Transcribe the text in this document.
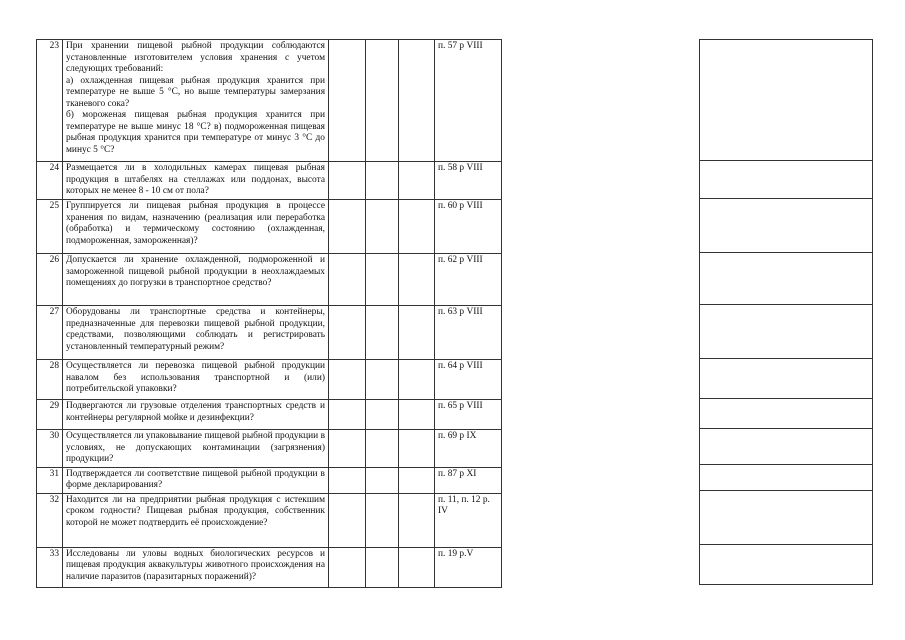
23	При хранении пищевой рыбной продукции соблюдаются установленные изготовителем условия хранения с учетом следующих требований:
а) охлажденная пищевая рыбная продукция хранится при температуре не выше 5 °С, но выше температуры замерзания тканевого сока?
б) мороженая пищевая рыбная продукция хранится при температуре не выше минус 18 °С? в) подмороженная пищевая рыбная продукция хранится при температуре от минус 3 °С до минус 5 °С?				п. 57 р VIII
24	Размещается ли в холодильных камерах пищевая рыбная продукция в штабелях на стеллажах или поддонах, высота которых не менее 8 - 10 см от пола?				п. 58 р VIII
25	Группируется ли пищевая рыбная продукция в процессе хранения по видам, назначению (реализация или переработка (обработка) и термическому состоянию (охлажденная, подмороженная, замороженная)?				п. 60 р VIII
26	Допускается ли хранение охлажденной, подмороженной и замороженной пищевой рыбной продукции в неохлаждаемых помещениях до погрузки в транспортное средство?				п. 62 р VIII
27	Оборудованы ли транспортные средства и контейнеры, предназначенные для перевозки пищевой рыбной продукции, средствами, позволяющими соблюдать и регистрировать установленный температурный режим?				п. 63 р VIII
28	Осуществляется ли перевозка пищевой рыбной продукции навалом без использования транспортной и (или) потребительской упаковки?				п. 64 р VIII
29	Подвергаются ли грузовые отделения транспортных средств и контейнеры регулярной мойке и дезинфекции?				п. 65 р VIII
30	Осуществляется ли упаковывание пищевой рыбной продукции в условиях, не допускающих контаминации (загрязнения) продукции?				п. 69 р IX
31	Подтверждается ли соответствие пищевой рыбной продукции в форме декларирования?				п. 87 р XI
32	Находится ли на предприятии рыбная продукция с истекшим сроком годности? Пищевая рыбная продукция, собственник которой не может подтвердить её происхождение?				п. 11, п. 12 р. IV
33	Исследованы ли уловы водных биологических ресурсов и пищевая продукция аквакультуры животного происхождения на наличие паразитов (паразитарных поражений)?				п. 19 р.V
